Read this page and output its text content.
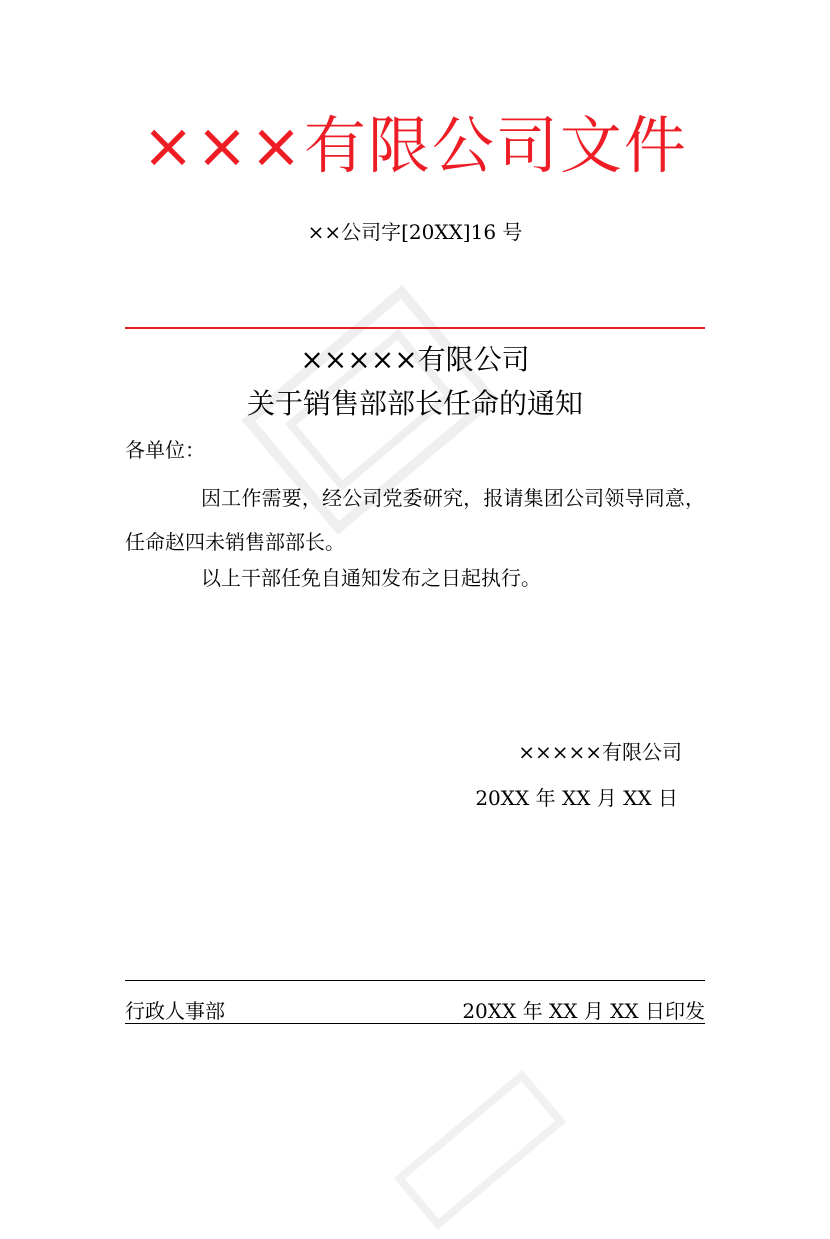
×××有限公司文件
××公司字[20XX]16 号
×××××有限公司
关于销售部部长任命的通知
各单位：

因工作需要，经公司党委研究，报请集团公司领导同意，任命赵四未销售部部长。

以上干部任免自通知发布之日起执行。

×××××有限公司
20XX 年 XX 月 XX 日
行政人事部	20XX 年 XX 月 XX 日印发
